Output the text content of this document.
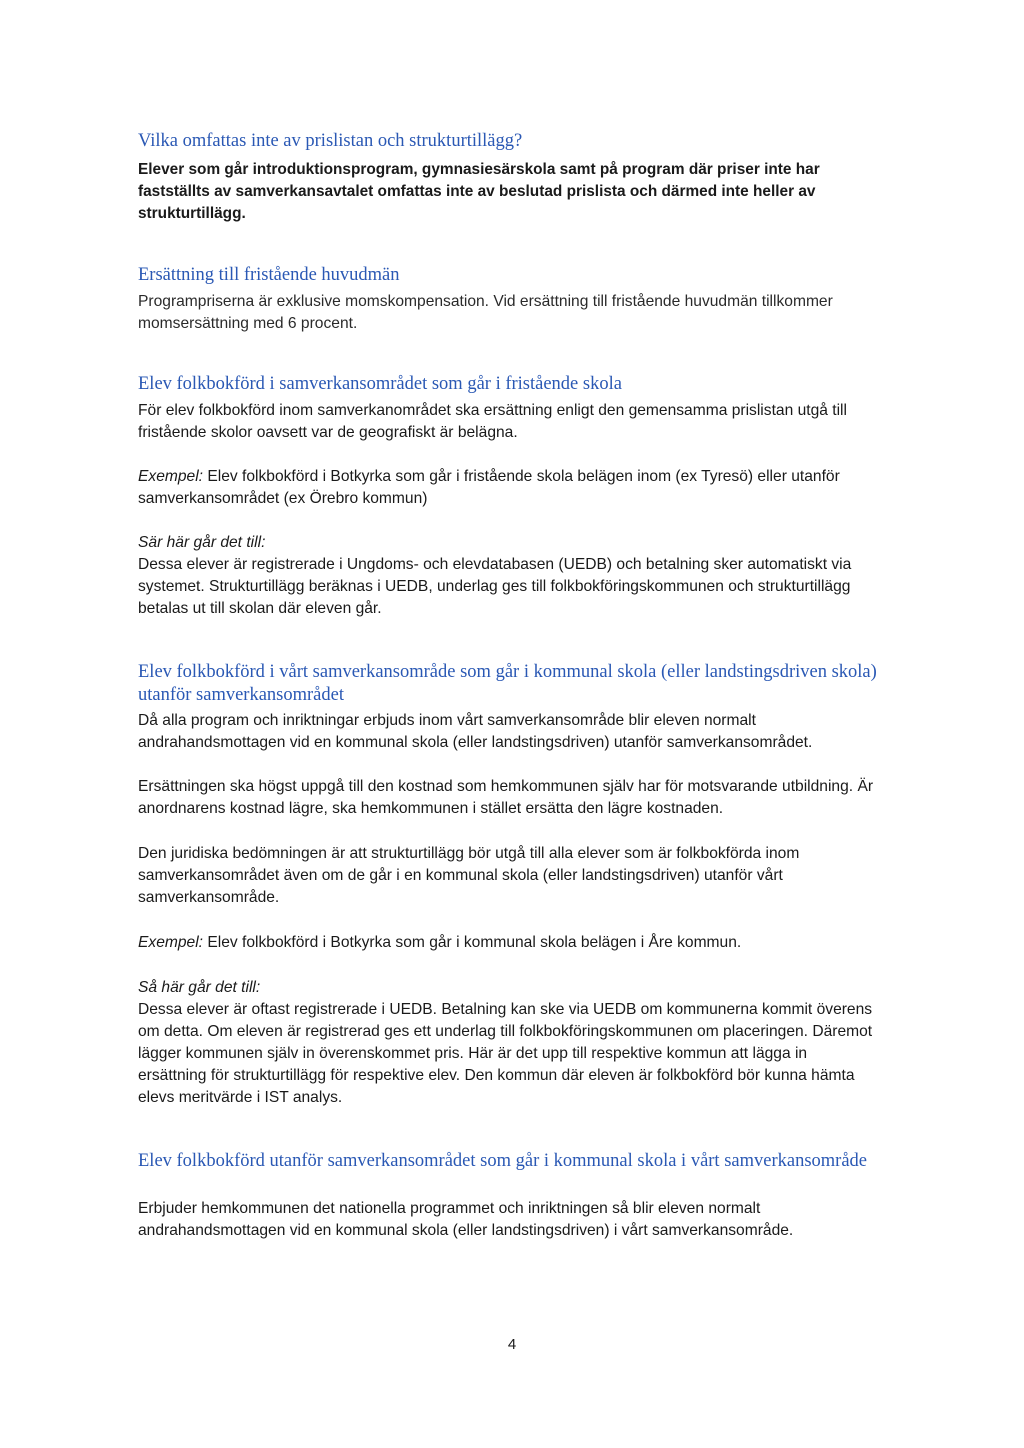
Vilka omfattas inte av prislistan och strukturtillägg?

Elever som går introduktionsprogram, gymnasiesärskola samt på program där priser inte har fastställts av samverkansavtalet omfattas inte av beslutad prislista och därmed inte heller av strukturtillägg.

Ersättning till fristående huvudmän

Programpriserna är exklusive momskompensation. Vid ersättning till fristående huvudmän tillkommer momsersättning med 6 procent.

Elev folkbokförd i samverkansområdet som går i fristående skola

För elev folkbokförd inom samverkanområdet ska ersättning enligt den gemensamma prislistan utgå till fristående skolor oavsett var de geografiskt är belägna.

Exempel: Elev folkbokförd i Botkyrka som går i fristående skola belägen inom (ex Tyresö) eller utanför samverkansområdet (ex Örebro kommun)

Sär här går det till:
Dessa elever är registrerade i Ungdoms- och elevdatabasen (UEDB) och betalning sker automatiskt via systemet. Strukturtillägg beräknas i UEDB, underlag ges till folkbokföringskommunen och strukturtillägg betalas ut till skolan där eleven går.

Elev folkbokförd i vårt samverkansområde som går i kommunal skola (eller landstingsdriven skola) utanför samverkansområdet

Då alla program och inriktningar erbjuds inom vårt samverkansområde blir eleven normalt andrahandsmottagen vid en kommunal skola (eller landstingsdriven) utanför samverkansområdet.

Ersättningen ska högst uppgå till den kostnad som hemkommunen själv har för motsvarande utbildning. Är anordnarens kostnad lägre, ska hemkommunen i stället ersätta den lägre kostnaden.

Den juridiska bedömningen är att strukturtillägg bör utgå till alla elever som är folkbokförda inom samverkansområdet även om de går i en kommunal skola (eller landstingsdriven) utanför vårt samverkansområde.

Exempel: Elev folkbokförd i Botkyrka som går i kommunal skola belägen i Åre kommun.

Så här går det till:
Dessa elever är oftast registrerade i UEDB. Betalning kan ske via UEDB om kommunerna kommit överens om detta. Om eleven är registrerad ges ett underlag till folkbokföringskommunen om placeringen. Däremot lägger kommunen själv in överenskommet pris. Här är det upp till respektive kommun att lägga in ersättning för strukturtillägg för respektive elev. Den kommun där eleven är folkbokförd bör kunna hämta elevs meritvärde i IST analys.

Elev folkbokförd utanför samverkansområdet som går i kommunal skola i vårt samverkansområde

Erbjuder hemkommunen det nationella programmet och inriktningen så blir eleven normalt andrahandsmottagen vid en kommunal skola (eller landstingsdriven) i vårt samverkansområde.

4
